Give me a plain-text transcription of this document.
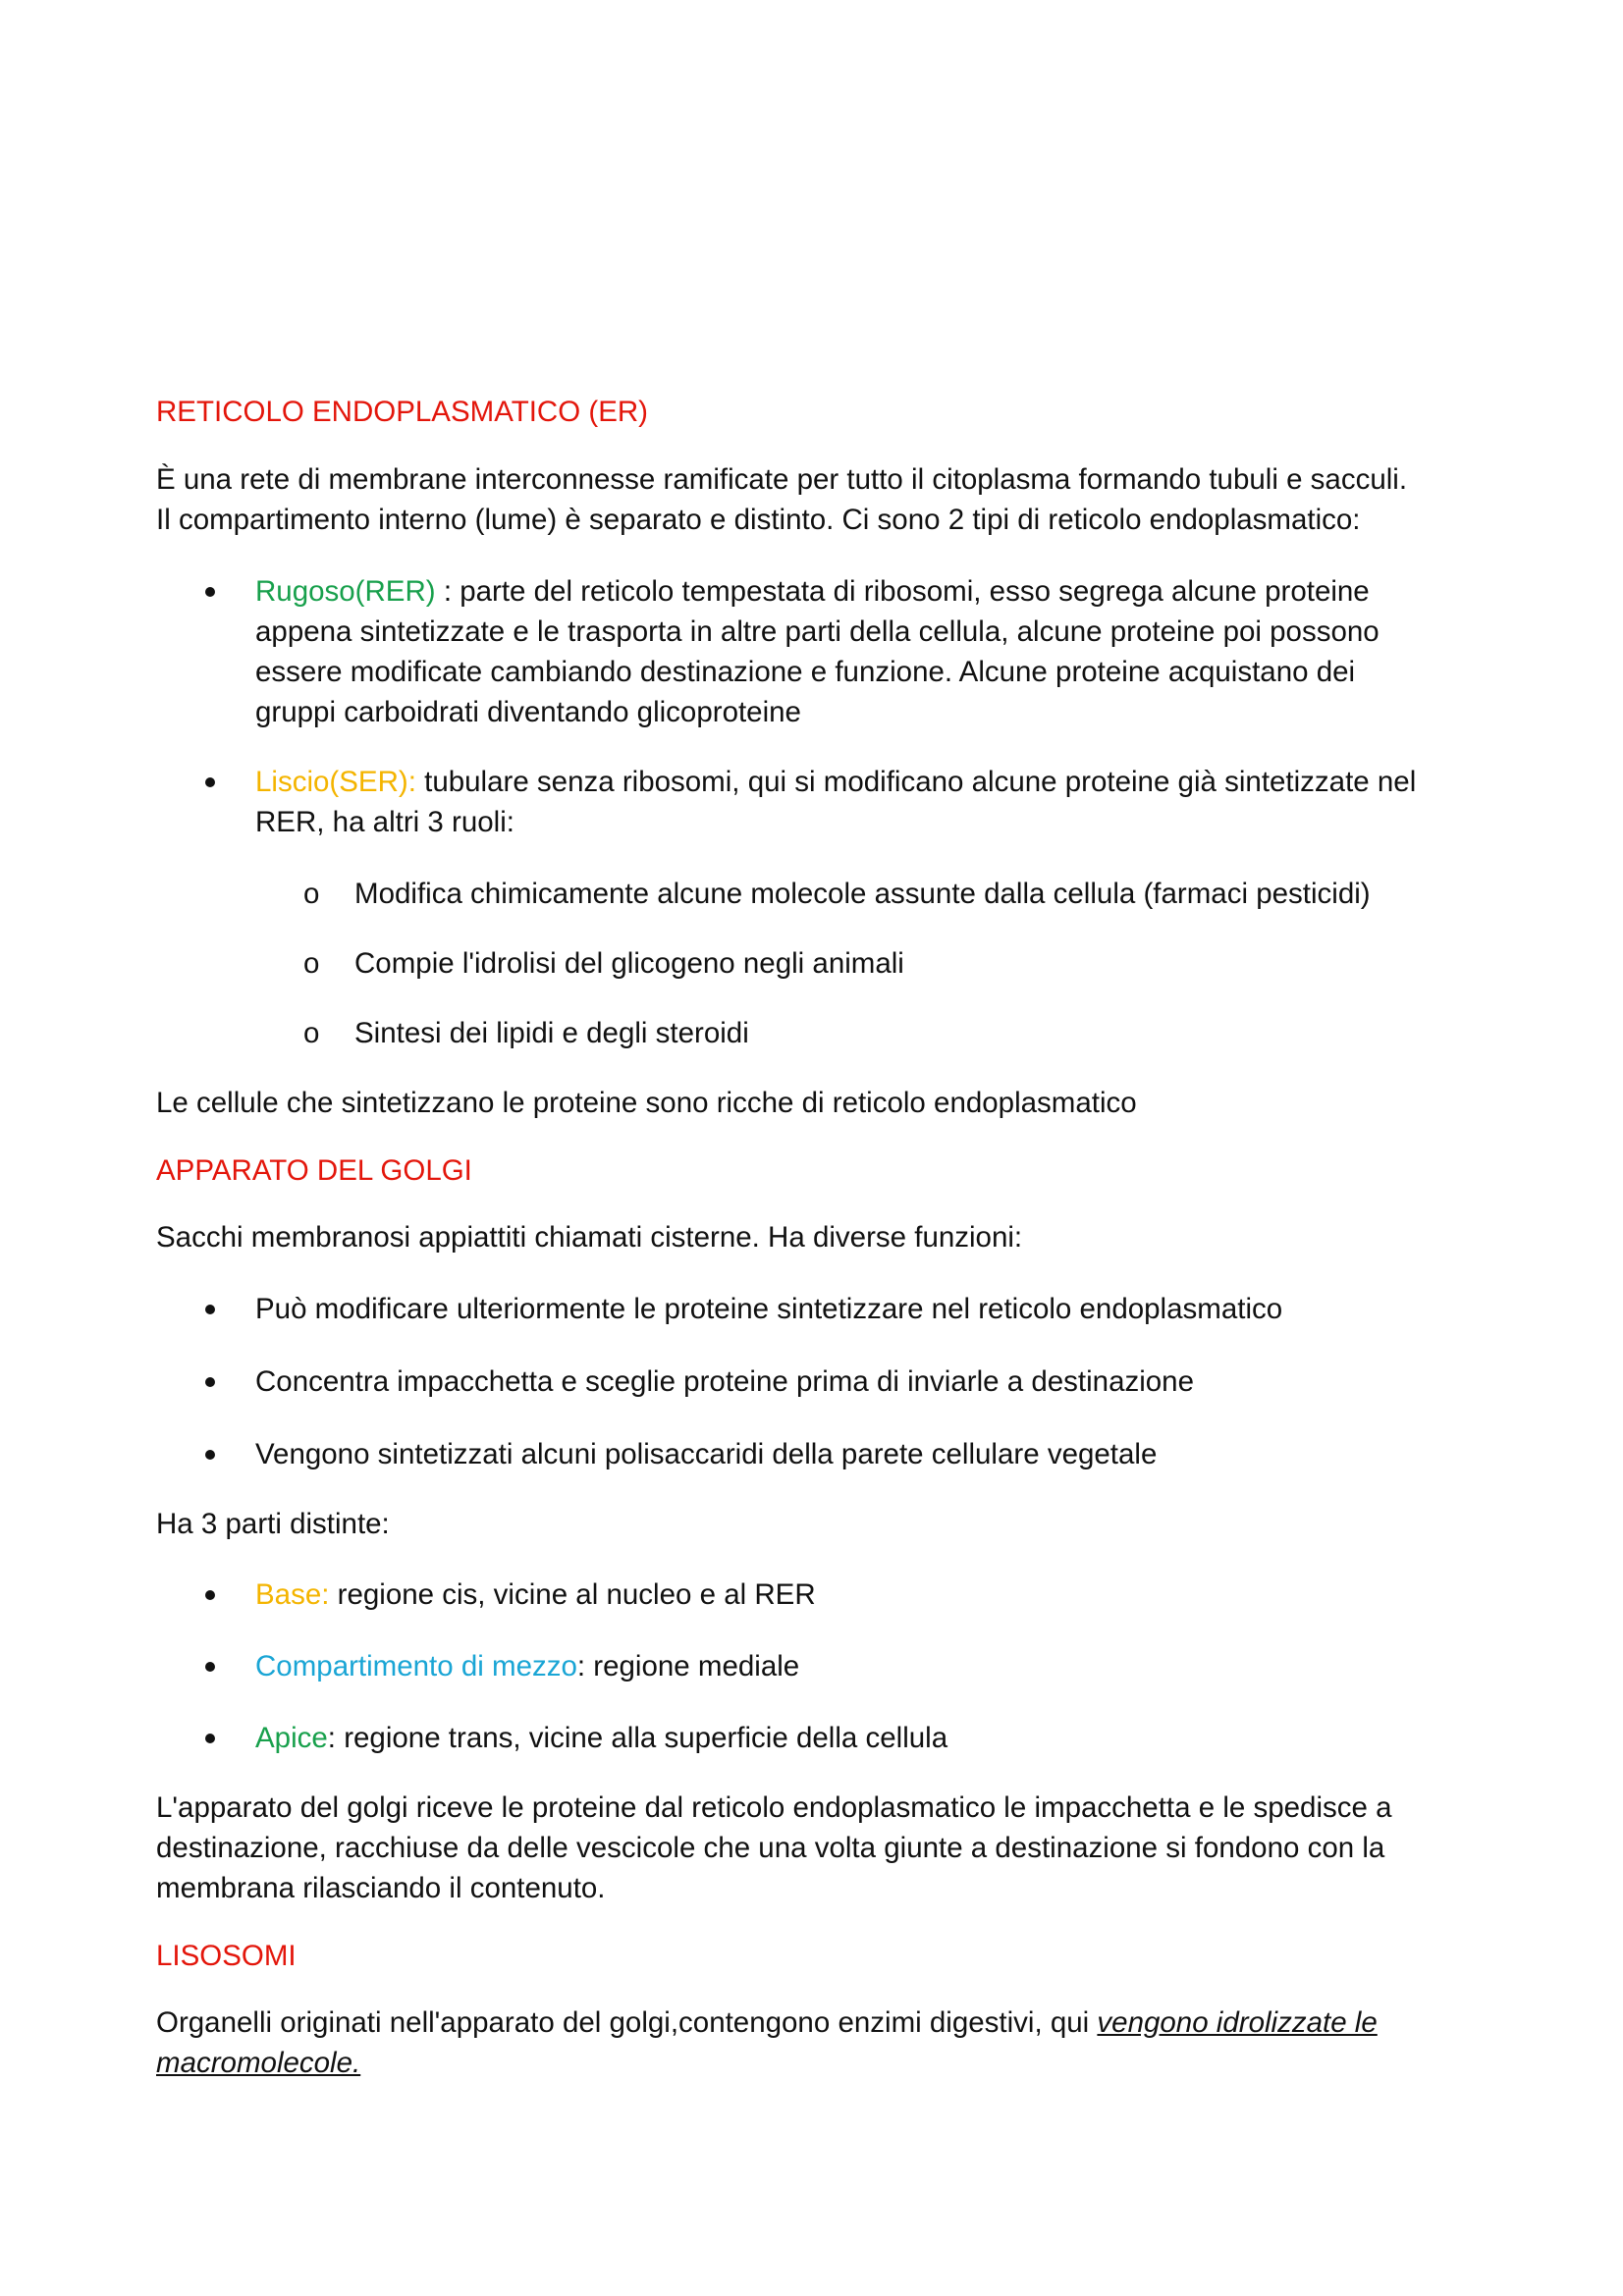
RETICOLO ENDOPLASMATICO (ER)

È una rete di membrane interconnesse ramificate per tutto il citoplasma formando tubuli e sacculi.
Il compartimento interno (lume) è separato e distinto. Ci sono 2 tipi di reticolo endoplasmatico:

Rugoso(RER) : parte del reticolo tempestata di ribosomi, esso segrega alcune proteine
appena sintetizzate e le trasporta in altre parti della cellula, alcune proteine poi possono
essere modificate cambiando destinazione e funzione. Alcune proteine acquistano dei
gruppi carboidrati diventando glicoproteine
Liscio(SER): tubulare senza ribosomi, qui si modificano alcune proteine già sintetizzate nel
RER, ha altri 3 ruoli:
o Modifica chimicamente alcune molecole assunte dalla cellula (farmaci pesticidi)
o Compie l'idrolisi del glicogeno negli animali
o Sintesi dei lipidi e degli steroidi

Le cellule che sintetizzano le proteine sono ricche di reticolo endoplasmatico

APPARATO DEL GOLGI

Sacchi membranosi appiattiti chiamati cisterne. Ha diverse funzioni:

Può modificare ulteriormente le proteine sintetizzare nel reticolo endoplasmatico
Concentra impacchetta e sceglie proteine prima di inviarle a destinazione
Vengono sintetizzati alcuni polisaccaridi della parete cellulare vegetale

Ha 3 parti distinte:

Base: regione cis, vicine al nucleo e al RER
Compartimento di mezzo: regione mediale
Apice: regione trans, vicine alla superficie della cellula

L'apparato del golgi riceve le proteine dal reticolo endoplasmatico le impacchetta e le spedisce a
destinazione, racchiuse da delle vescicole che una volta giunte a destinazione si fondono con la
membrana rilasciando il contenuto.

LISOSOMI

Organelli originati nell'apparato del golgi,contengono enzimi digestivi, qui vengono idrolizzate le
macromolecole.
